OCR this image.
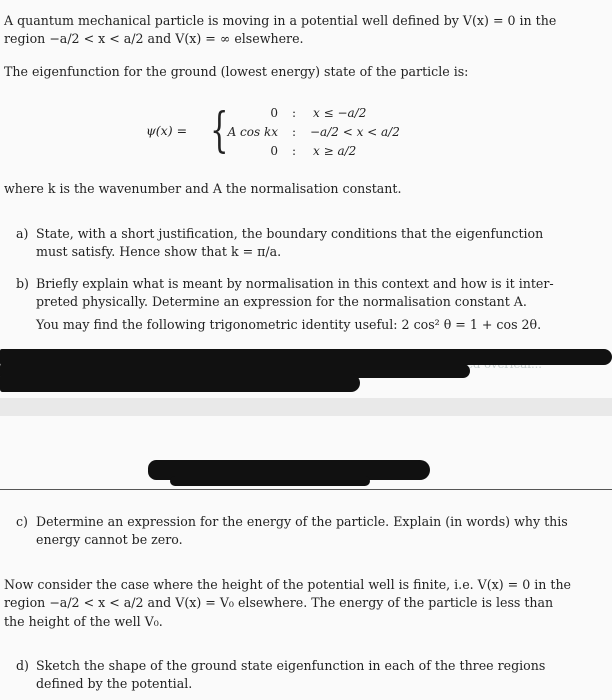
A quantum mechanical particle is moving in a potential well defined by V(x) = 0 in the
region −a/2 < x < a/2 and V(x) = ∞ elsewhere.
The eigenfunction for the ground (lowest energy) state of the particle is:
ψ(x) = {	0 : x ≤ −a/2
A cos kx : −a/2 < x < a/2
0 : x ≥ a/2
where k is the wavenumber and A the normalisation constant.
a) State, with a short justification, the boundary conditions that the eigenfunction
must satisfy. Hence show that k = π/a.
b) Briefly explain what is meant by normalisation in this context and how is it inter-
preted physically. Determine an expression for the normalisation constant A.
You may find the following trigonometric identity useful: 2 cos² θ = 1 + cos 2θ.
c) Determine an expression for the energy of the particle. Explain (in words) why this
energy cannot be zero.
Now consider the case where the height of the potential well is finite, i.e. V(x) = 0 in the
region −a/2 < x < a/2 and V(x) = V₀ elsewhere. The energy of the particle is less than
the height of the well V₀.
d) Sketch the shape of the ground state eigenfunction in each of the three regions
defined by the potential.
